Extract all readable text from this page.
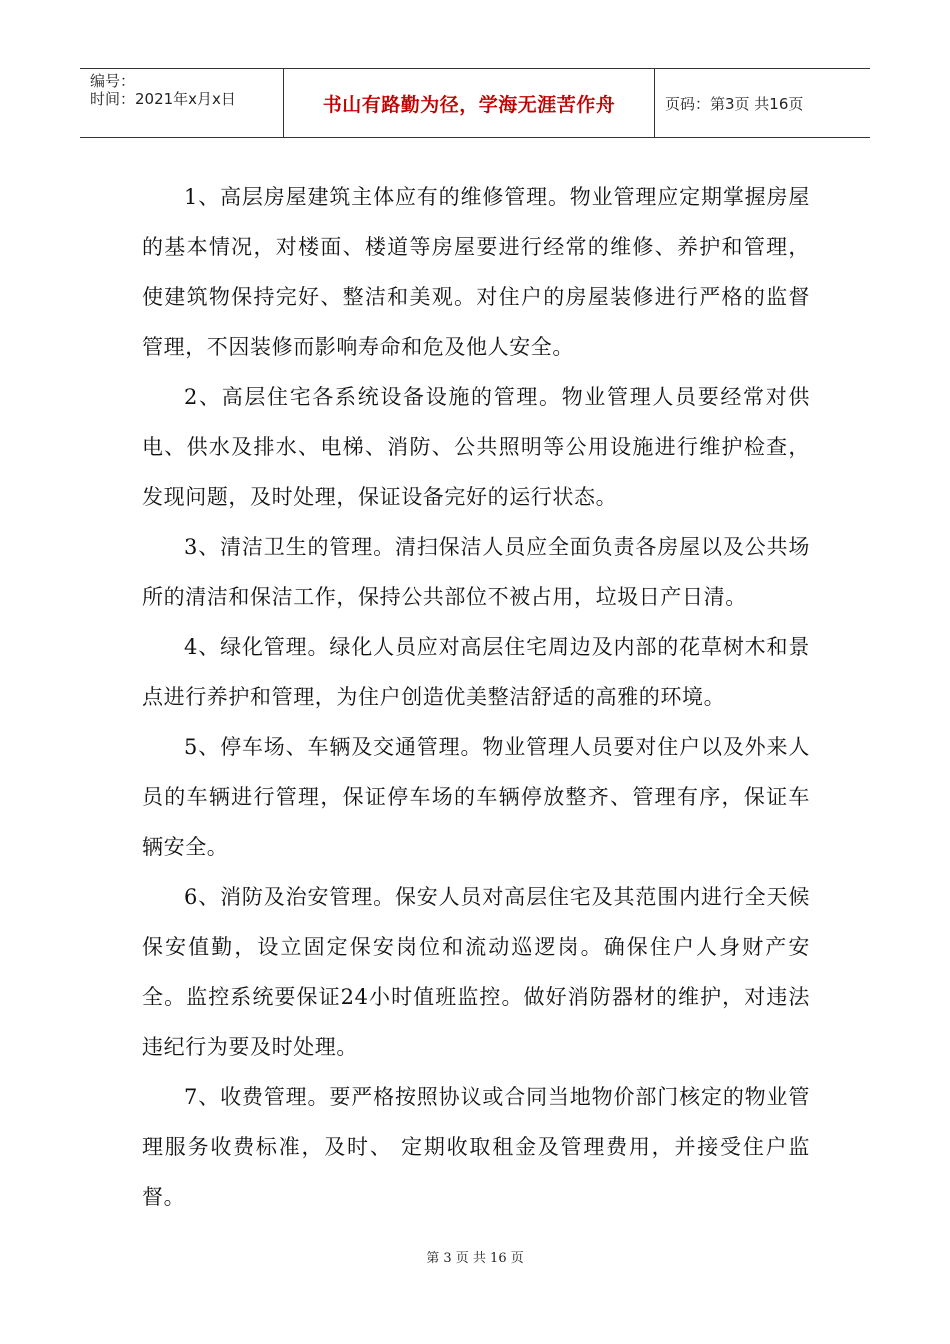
编号：
时间：2021年x月x日	书山有路勤为径，学海无涯苦作舟	页码：第3页 共16页

1、高层房屋建筑主体应有的维修管理。物业管理应定期掌握房屋的基本情况，对楼面、楼道等房屋要进行经常的维修、养护和管理，使建筑物保持完好、整洁和美观。对住户的房屋装修进行严格的监督管理，不因装修而影响寿命和危及他人安全。

2、高层住宅各系统设备设施的管理。物业管理人员要经常对供电、供水及排水、电梯、消防、公共照明等公用设施进行维护检查，发现问题，及时处理，保证设备完好的运行状态。

3、清洁卫生的管理。清扫保洁人员应全面负责各房屋以及公共场所的清洁和保洁工作，保持公共部位不被占用，垃圾日产日清。

4、绿化管理。绿化人员应对高层住宅周边及内部的花草树木和景点进行养护和管理，为住户创造优美整洁舒适的高雅的环境。

5、停车场、车辆及交通管理。物业管理人员要对住户以及外来人员的车辆进行管理，保证停车场的车辆停放整齐、管理有序，保证车辆安全。

6、消防及治安管理。保安人员对高层住宅及其范围内进行全天候保安值勤，设立固定保安岗位和流动巡逻岗。确保住户人身财产安全。监控系统要保证24小时值班监控。做好消防器材的维护，对违法违纪行为要及时处理。

7、收费管理。要严格按照协议或合同当地物价部门核定的物业管理服务收费标准，及时、 定期收取租金及管理费用，并接受住户监督。

第 3 页 共 16 页
